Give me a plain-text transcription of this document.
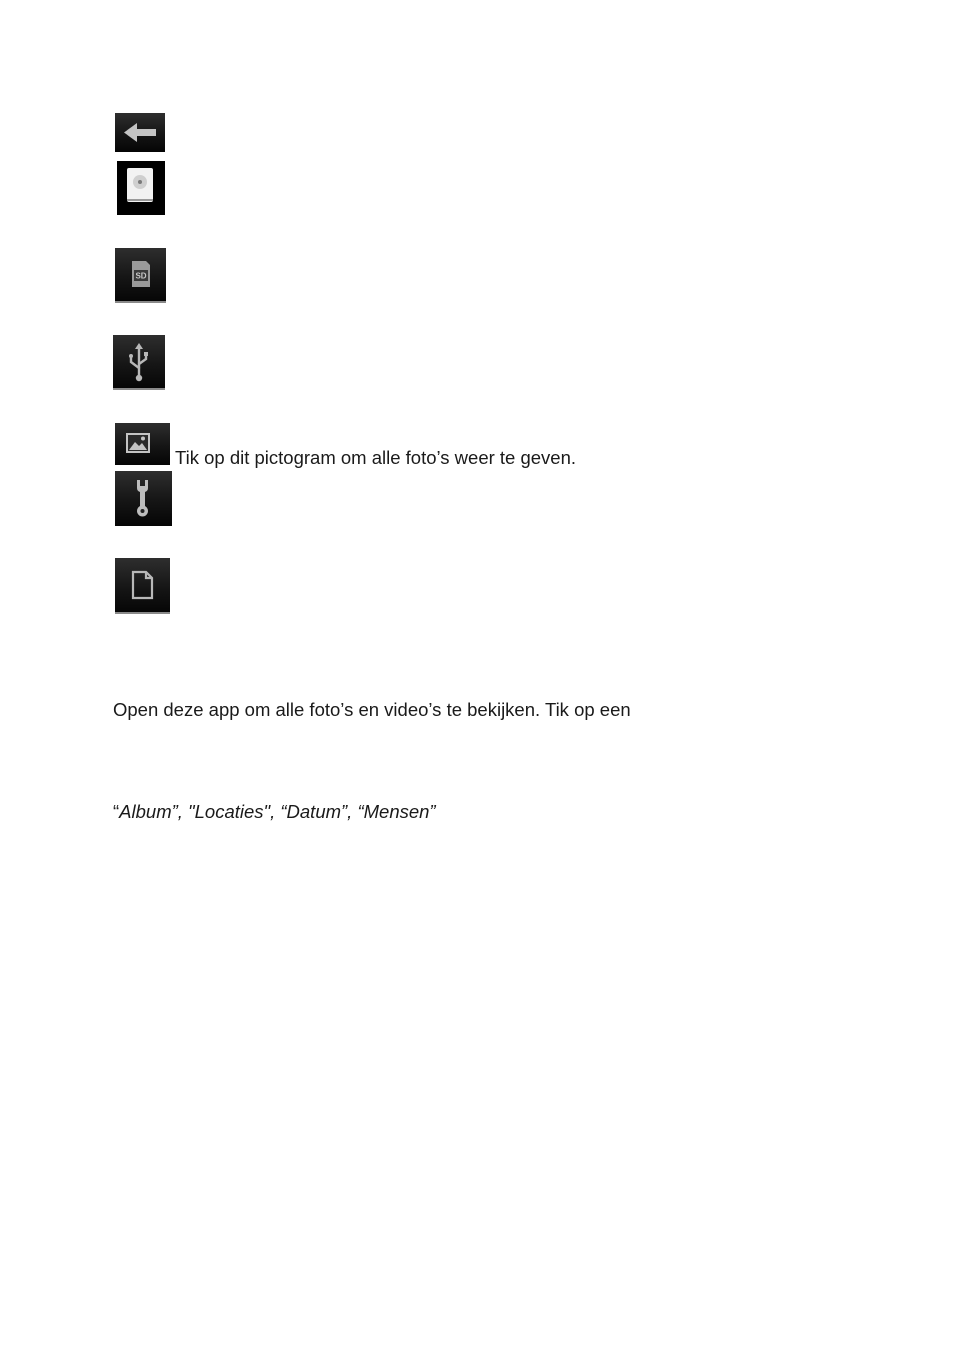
SD
Tik op dit pictogram om alle foto’s weer te geven.
Open deze app om alle foto’s en video’s te bekijken. Tik op een
“Album”, "Locaties", “Datum”, “Mensen”
